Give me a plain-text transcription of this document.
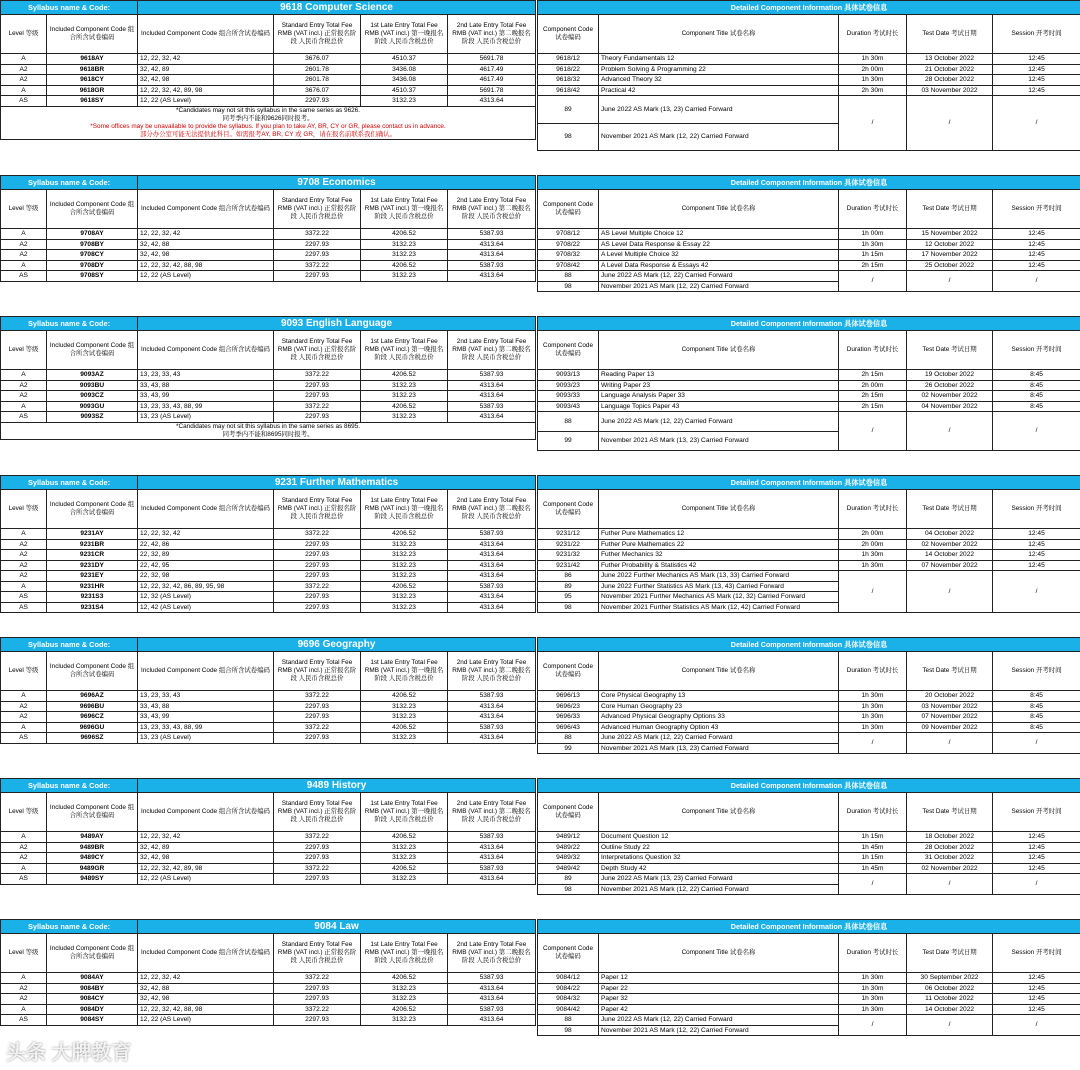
Syllabus name & Code:		9618 Computer Science			
Level 等级	Included Component Code 组合所含试卷编码	Included Component Code 组合所含试卷编码	Standard Entry Total Fee RMB (VAT incl.) 正常报名阶段 人民币含税总价	1st Late Entry Total Fee RMB (VAT incl.) 第一晚报名阶段 人民币含税总价	2nd Late Entry Total Fee RMB (VAT incl.) 第二晚报名阶段 人民币含税总价
A	9618AY	12, 22, 32, 42	3676.07	4510.37	5691.78
A2	9618BR	32, 42, 89	2601.78	3436.08	4617.49
A2	9618CY	32, 42, 98	2601.78	3436.08	4617.49
A	9618GR	12, 22, 32, 42, 89, 98	3676.07	4510.37	5691.78
AS	9618SY	12, 22 (AS Level)	2297.93	3132.23	4313.64

*Candidates may not sit this syllabus in the same series as 9626.
同考季内不能和9626同时报考。
*Some offices may be unavailable to provide the syllabus. If you plan to take AY, BR, CY or GR, please contact us in advance.
部分办公室可能无法提供此科目。如需报考AY, BR, CY 或 GR，请在报名前联系我们确认。					
Detailed Component Information 具体试卷信息				
Component Code 试卷编码	Component Title 试卷名称	Duration 考试时长	Test Date 考试日期	Session 开考时间
9618/12	Theory Fundamentals 12	1h 30m	13 October 2022	12:45
9618/22	Problem Solving & Programming 22	2h 00m	21 October 2022	12:45
9618/32	Advanced Theory 32	1h 30m	28 October 2022	12:45
9618/42	Practical 42	2h 30m	03 November 2022	12:45
89	June 2022 AS Mark (13, 23) Carried Forward	/	/	/
98	November 2021 AS Mark (12, 22) Carried Forward			
Syllabus name & Code:		9708 Economics			
Level 等级	Included Component Code 组合所含试卷编码	Included Component Code 组合所含试卷编码	Standard Entry Total Fee RMB (VAT incl.) 正常报名阶段 人民币含税总价	1st Late Entry Total Fee RMB (VAT incl.) 第一晚报名阶段 人民币含税总价	2nd Late Entry Total Fee RMB (VAT incl.) 第二晚报名阶段 人民币含税总价
A	9708AY	12, 22, 32, 42	3372.22	4206.52	5387.93
A2	9708BY	32, 42, 88	2297.93	3132.23	4313.64
A2	9708CY	32, 42, 98	2297.93	3132.23	4313.64
A	9708DY	12, 22, 32, 42, 88, 98	3372.22	4206.52	5387.93
AS	9708SY	12, 22 (AS Level)	2297.93	3132.23	4313.64
Detailed Component Information 具体试卷信息				
Component Code 试卷编码	Component Title 试卷名称	Duration 考试时长	Test Date 考试日期	Session 开考时间
9708/12	AS Level Multiple Choice 12	1h 00m	15 November 2022	12:45
9708/22	AS Level Data Response & Essay 22	1h 30m	12 October 2022	12:45
9708/32	A Level Multiple Choice 32	1h 15m	17 November 2022	12:45
9708/42	A Level Data Response & Essays 42	2h 15m	25 October 2022	12:45
88	June 2022 AS Mark (12, 22) Carried Forward	/	/	/
98	November 2021 AS Mark (12, 22) Carried Forward			
Syllabus name & Code:		9093 English Language			
Level 等级	Included Component Code 组合所含试卷编码	Included Component Code 组合所含试卷编码	Standard Entry Total Fee RMB (VAT incl.) 正常报名阶段 人民币含税总价	1st Late Entry Total Fee RMB (VAT incl.) 第一晚报名阶段 人民币含税总价	2nd Late Entry Total Fee RMB (VAT incl.) 第二晚报名阶段 人民币含税总价
A	9093AZ	13, 23, 33, 43	3372.22	4206.52	5387.93
A2	9093BU	33, 43, 88	2297.93	3132.23	4313.64
A2	9093CZ	33, 43, 99	2297.93	3132.23	4313.64
A	9093GU	13, 23, 33, 43, 88, 99	3372.22	4206.52	5387.93
AS	9093SZ	13, 23 (AS Level)	2297.93	3132.23	4313.64

*Candidates may not sit this syllabus in the same series as 8695.
同考季内不能和8695同时报考。					
Detailed Component Information 具体试卷信息				
Component Code 试卷编码	Component Title 试卷名称	Duration 考试时长	Test Date 考试日期	Session 开考时间
9093/13	Reading Paper 13	2h 15m	19 October 2022	8:45
9093/23	Writing Paper 23	2h 00m	26 October 2022	8:45
9093/33	Language Analysis Paper 33	2h 15m	02 November 2022	8:45
9093/43	Language Topics Paper 43	2h 15m	04 November 2022	8:45
88	June 2022 AS Mark (12, 22) Carried Forward	/	/	/
99	November 2021 AS Mark (13, 23) Carried Forward			
Syllabus name & Code:		9231 Further Mathematics			
Level 等级	Included Component Code 组合所含试卷编码	Included Component Code 组合所含试卷编码	Standard Entry Total Fee RMB (VAT incl.) 正常报名阶段 人民币含税总价	1st Late Entry Total Fee RMB (VAT incl.) 第一晚报名阶段 人民币含税总价	2nd Late Entry Total Fee RMB (VAT incl.) 第二晚报名阶段 人民币含税总价
A	9231AY	12, 22, 32, 42	3372.22	4206.52	5387.93
A2	9231BR	22, 42, 86	2297.93	3132.23	4313.64
A2	9231CR	22, 32, 89	2297.93	3132.23	4313.64
A2	9231DY	22, 42, 95	2297.93	3132.23	4313.64
A2	9231EY	22, 32, 98	2297.93	3132.23	4313.64
A	9231HR	12, 22, 32, 42, 86, 89, 95, 98	3372.22	4206.52	5387.93
AS	9231S3	12, 32 (AS Level)	2297.93	3132.23	4313.64
AS	9231S4	12, 42 (AS Level)	2297.93	3132.23	4313.64
Detailed Component Information 具体试卷信息				
Component Code 试卷编码	Component Title 试卷名称	Duration 考试时长	Test Date 考试日期	Session 开考时间
9231/12	Futher Pure Mathematics 12	2h 00m	04 October 2022	12:45
9231/22	Futher Pure Mathematics 22	2h 00m	02 November 2022	12:45
9231/32	Futher Mechanics 32	1h 30m	14 October 2022	12:45
9231/42	Futher Probability & Statistics 42	1h 30m	07 November 2022	12:45
86	June 2022 Further Mechanics AS Mark (13, 33) Carried Forward	/	/	/
89	June 2022 Further Statistics AS Mark (13, 43) Carried Forward			
95	November 2021 Further Mechanics AS Mark (12, 32) Carried Forward			
98	November 2021 Further Statistics AS Mark (12, 42) Carried Forward			
Syllabus name & Code:		9696 Geography			
Level 等级	Included Component Code 组合所含试卷编码	Included Component Code 组合所含试卷编码	Standard Entry Total Fee RMB (VAT incl.) 正常报名阶段 人民币含税总价	1st Late Entry Total Fee RMB (VAT incl.) 第一晚报名阶段 人民币含税总价	2nd Late Entry Total Fee RMB (VAT incl.) 第二晚报名阶段 人民币含税总价
A	9696AZ	13, 23, 33, 43	3372.22	4206.52	5387.93
A2	9696BU	33, 43, 88	2297.93	3132.23	4313.64
A2	9696CZ	33, 43, 99	2297.93	3132.23	4313.64
A	9696GU	13, 23, 33, 43, 88, 99	3372.22	4206.52	5387.93
AS	9696SZ	13, 23 (AS Level)	2297.93	3132.23	4313.64
Detailed Component Information 具体试卷信息				
Component Code 试卷编码	Component Title 试卷名称	Duration 考试时长	Test Date 考试日期	Session 开考时间
9696/13	Core Physical Geography 13	1h 30m	20 October 2022	8:45
9696/23	Core Human Geography 23	1h 30m	03 November 2022	8:45
9696/33	Advanced Physical Geography Options 33	1h 30m	07 November 2022	8:45
9696/43	Advanced Human Geography Option 43	1h 30m	09 November 2022	8:45
88	June 2022 AS Mark (12, 22) Carried Forward	/	/	/
99	November 2021 AS Mark (13, 23) Carried Forward			
Syllabus name & Code:		9489 History			
Level 等级	Included Component Code 组合所含试卷编码	Included Component Code 组合所含试卷编码	Standard Entry Total Fee RMB (VAT incl.) 正常报名阶段 人民币含税总价	1st Late Entry Total Fee RMB (VAT incl.) 第一晚报名阶段 人民币含税总价	2nd Late Entry Total Fee RMB (VAT incl.) 第二晚报名阶段 人民币含税总价
A	9489AY	12, 22, 32, 42	3372.22	4206.52	5387.93
A2	9489BR	32, 42, 89	2297.93	3132.23	4313.64
A2	9489CY	32, 42, 98	2297.93	3132.23	4313.64
A	9489GR	12, 22, 32, 42, 89, 98	3372.22	4206.52	5387.93
AS	9489SY	12, 22 (AS Level)	2297.93	3132.23	4313.64
Detailed Component Information 具体试卷信息				
Component Code 试卷编码	Component Title 试卷名称	Duration 考试时长	Test Date 考试日期	Session 开考时间
9489/12	Document Question 12	1h 15m	18 October 2022	12:45
9489/22	Outline Study 22	1h 45m	28 October 2022	12:45
9489/32	Interpretations Question 32	1h 15m	31 October 2022	12:45
9489/42	Depth Study 42	1h 45m	02 November 2022	12:45
89	June 2022 AS Mark (13, 23) Carried Forward	/	/	/
98	November 2021 AS Mark (12, 22) Carried Forward			
Syllabus name & Code:		9084 Law			
Level 等级	Included Component Code 组合所含试卷编码	Included Component Code 组合所含试卷编码	Standard Entry Total Fee RMB (VAT incl.) 正常报名阶段 人民币含税总价	1st Late Entry Total Fee RMB (VAT incl.) 第一晚报名阶段 人民币含税总价	2nd Late Entry Total Fee RMB (VAT incl.) 第二晚报名阶段 人民币含税总价
A	9084AY	12, 22, 32, 42	3372.22	4206.52	5387.93
A2	9084BY	32, 42, 88	2297.93	3132.23	4313.64
A2	9084CY	32, 42, 98	2297.93	3132.23	4313.64
A	9084DY	12, 22, 32, 42, 88, 98	3372.22	4206.52	5387.93
AS	9084SY	12, 22 (AS Level)	2297.93	3132.23	4313.64
Detailed Component Information 具体试卷信息				
Component Code 试卷编码	Component Title 试卷名称	Duration 考试时长	Test Date 考试日期	Session 开考时间
9084/12	Paper 12	1h 30m	30 September 2022	12:45
9084/22	Paper 22	1h 30m	06 October 2022	12:45
9084/32	Paper 32	1h 30m	11 October 2022	12:45
9084/42	Paper 42	1h 30m	14 October 2022	12:45
88	June 2022 AS Mark (12, 22) Carried Forward	/	/	/
98	November 2021 AS Mark (12, 22) Carried Forward			
头条 大牌教育
